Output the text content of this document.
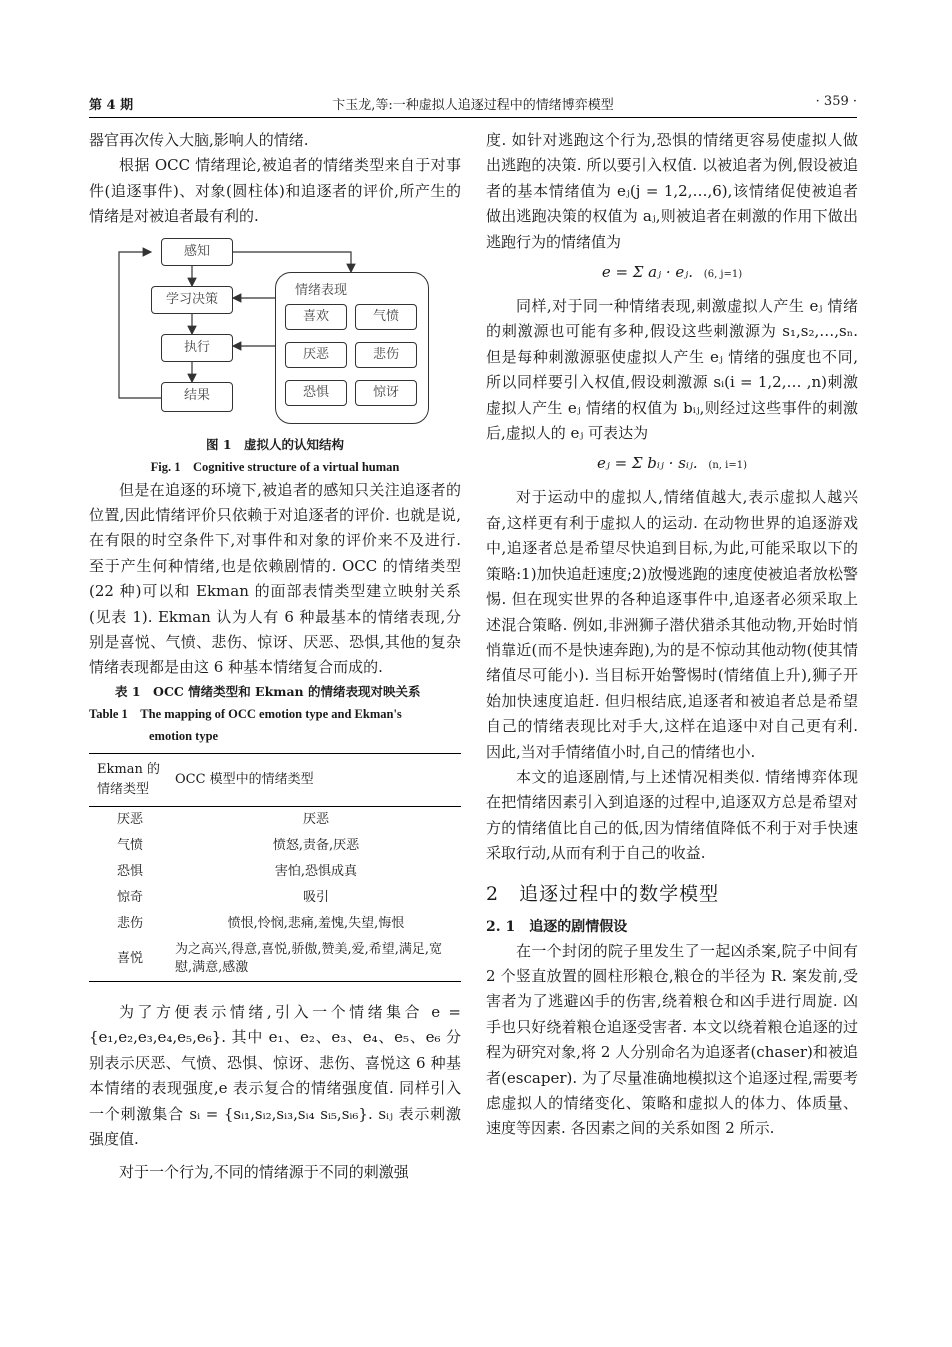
第 4 期	卞玉龙,等:一种虚拟人追逐过程中的情绪博弈模型	· 359 ·

器官再次传入大脑,影响人的情绪.

根据 OCC 情绪理论,被追者的情绪类型来自于对事件(追逐事件)、对象(圆柱体)和追逐者的评价,所产生的情绪是对被追者最有利的.

感知
学习决策
执行
结果
情绪表现
喜欢	气愤
厌恶	悲伤
恐惧	惊讶
图 1　虚拟人的认知结构
Fig. 1　Cognitive structure of a virtual human

但是在追逐的环境下,被追者的感知只关注追逐者的位置,因此情绪评价只依赖于对追逐者的评价. 也就是说,在有限的时空条件下,对事件和对象的评价来不及进行. 至于产生何种情绪,也是依赖剧情的. OCC 的情绪类型(22 种)可以和 Ekman 的面部表情类型建立映射关系(见表 1). Ekman 认为人有 6 种最基本的情绪表现,分别是喜悦、气愤、悲伤、惊讶、厌恶、恐惧,其他的复杂情绪表现都是由这 6 种基本情绪复合而成的.

表 1　OCC 情绪类型和 Ekman 的情绪表现对映关系
Table 1　The mapping of OCC emotion type and Ekman's
emotion type
Ekman 的情绪类型	OCC 模型中的情绪类型
厌恶	厌恶
气愤	愤怒,责备,厌恶
恐惧	害怕,恐惧成真
惊奇	吸引
悲伤	愤恨,怜悯,悲痛,羞愧,失望,悔恨
喜悦	为之高兴,得意,喜悦,骄傲,赞美,爱,希望,满足,宽慰,满意,感激

为了方便表示情绪,引入一个情绪集合 e = {e₁,e₂,e₃,e₄,e₅,e₆}. 其中 e₁、e₂、e₃、e₄、e₅、e₆ 分别表示厌恶、气愤、恐惧、惊讶、悲伤、喜悦这 6 种基本情绪的表现强度,e 表示复合的情绪强度值. 同样引入一个刺激集合 sᵢ = {sᵢ₁,sᵢ₂,sᵢ₃,sᵢ₄ sᵢ₅,sᵢ₆}. sᵢⱼ 表示刺激强度值.

对于一个行为,不同的情绪源于不同的刺激强

度. 如针对逃跑这个行为,恐惧的情绪更容易使虚拟人做出逃跑的决策. 所以要引入权值. 以被追者为例,假设被追者的基本情绪值为 eⱼ(j = 1,2,…,6),该情绪促使被追者做出逃跑决策的权值为 aⱼ,则被追者在刺激的作用下做出逃跑行为的情绪值为

e = Σ aⱼ · eⱼ. (6, j=1)

同样,对于同一种情绪表现,刺激虚拟人产生 eⱼ 情绪的刺激源也可能有多种,假设这些刺激源为 s₁,s₂,…,sₙ. 但是每种刺激源驱使虚拟人产生 eⱼ 情绪的强度也不同,所以同样要引入权值,假设刺激源 sᵢ(i = 1,2,… ,n)刺激虚拟人产生 eⱼ 情绪的权值为 bᵢⱼ,则经过这些事件的刺激后,虚拟人的 eⱼ 可表达为

eⱼ = Σ bᵢⱼ · sᵢⱼ. (n, i=1)

对于运动中的虚拟人,情绪值越大,表示虚拟人越兴奋,这样更有利于虚拟人的运动. 在动物世界的追逐游戏中,追逐者总是希望尽快追到目标,为此,可能采取以下的策略:1)加快追赶速度;2)放慢逃跑的速度使被追者放松警惕. 但在现实世界的各种追逐事件中,追逐者必须采取上述混合策略. 例如,非洲狮子潜伏猎杀其他动物,开始时悄悄靠近(而不是快速奔跑),为的是不惊动其他动物(使其情绪值尽可能小). 当目标开始警惕时(情绪值上升),狮子开始加快速度追赶. 但归根结底,追逐者和被追者总是希望自己的情绪表现比对手大,这样在追逐中对自己更有利. 因此,当对手情绪值小时,自己的情绪也小.

本文的追逐剧情,与上述情况相类似. 情绪博弈体现在把情绪因素引入到追逐的过程中,追逐双方总是希望对方的情绪值比自己的低,因为情绪值降低不利于对手快速采取行动,从而有利于自己的收益.

2　追逐过程中的数学模型
2. 1　追逐的剧情假设

在一个封闭的院子里发生了一起凶杀案,院子中间有 2 个竖直放置的圆柱形粮仓,粮仓的半径为 R. 案发前,受害者为了逃避凶手的伤害,绕着粮仓和凶手进行周旋. 凶手也只好绕着粮仓追逐受害者. 本文以绕着粮仓追逐的过程为研究对象,将 2 人分别命名为追逐者(chaser)和被追者(escaper). 为了尽量准确地模拟这个追逐过程,需要考虑虚拟人的情绪变化、策略和虚拟人的体力、体质量、速度等因素. 各因素之间的关系如图 2 所示.
